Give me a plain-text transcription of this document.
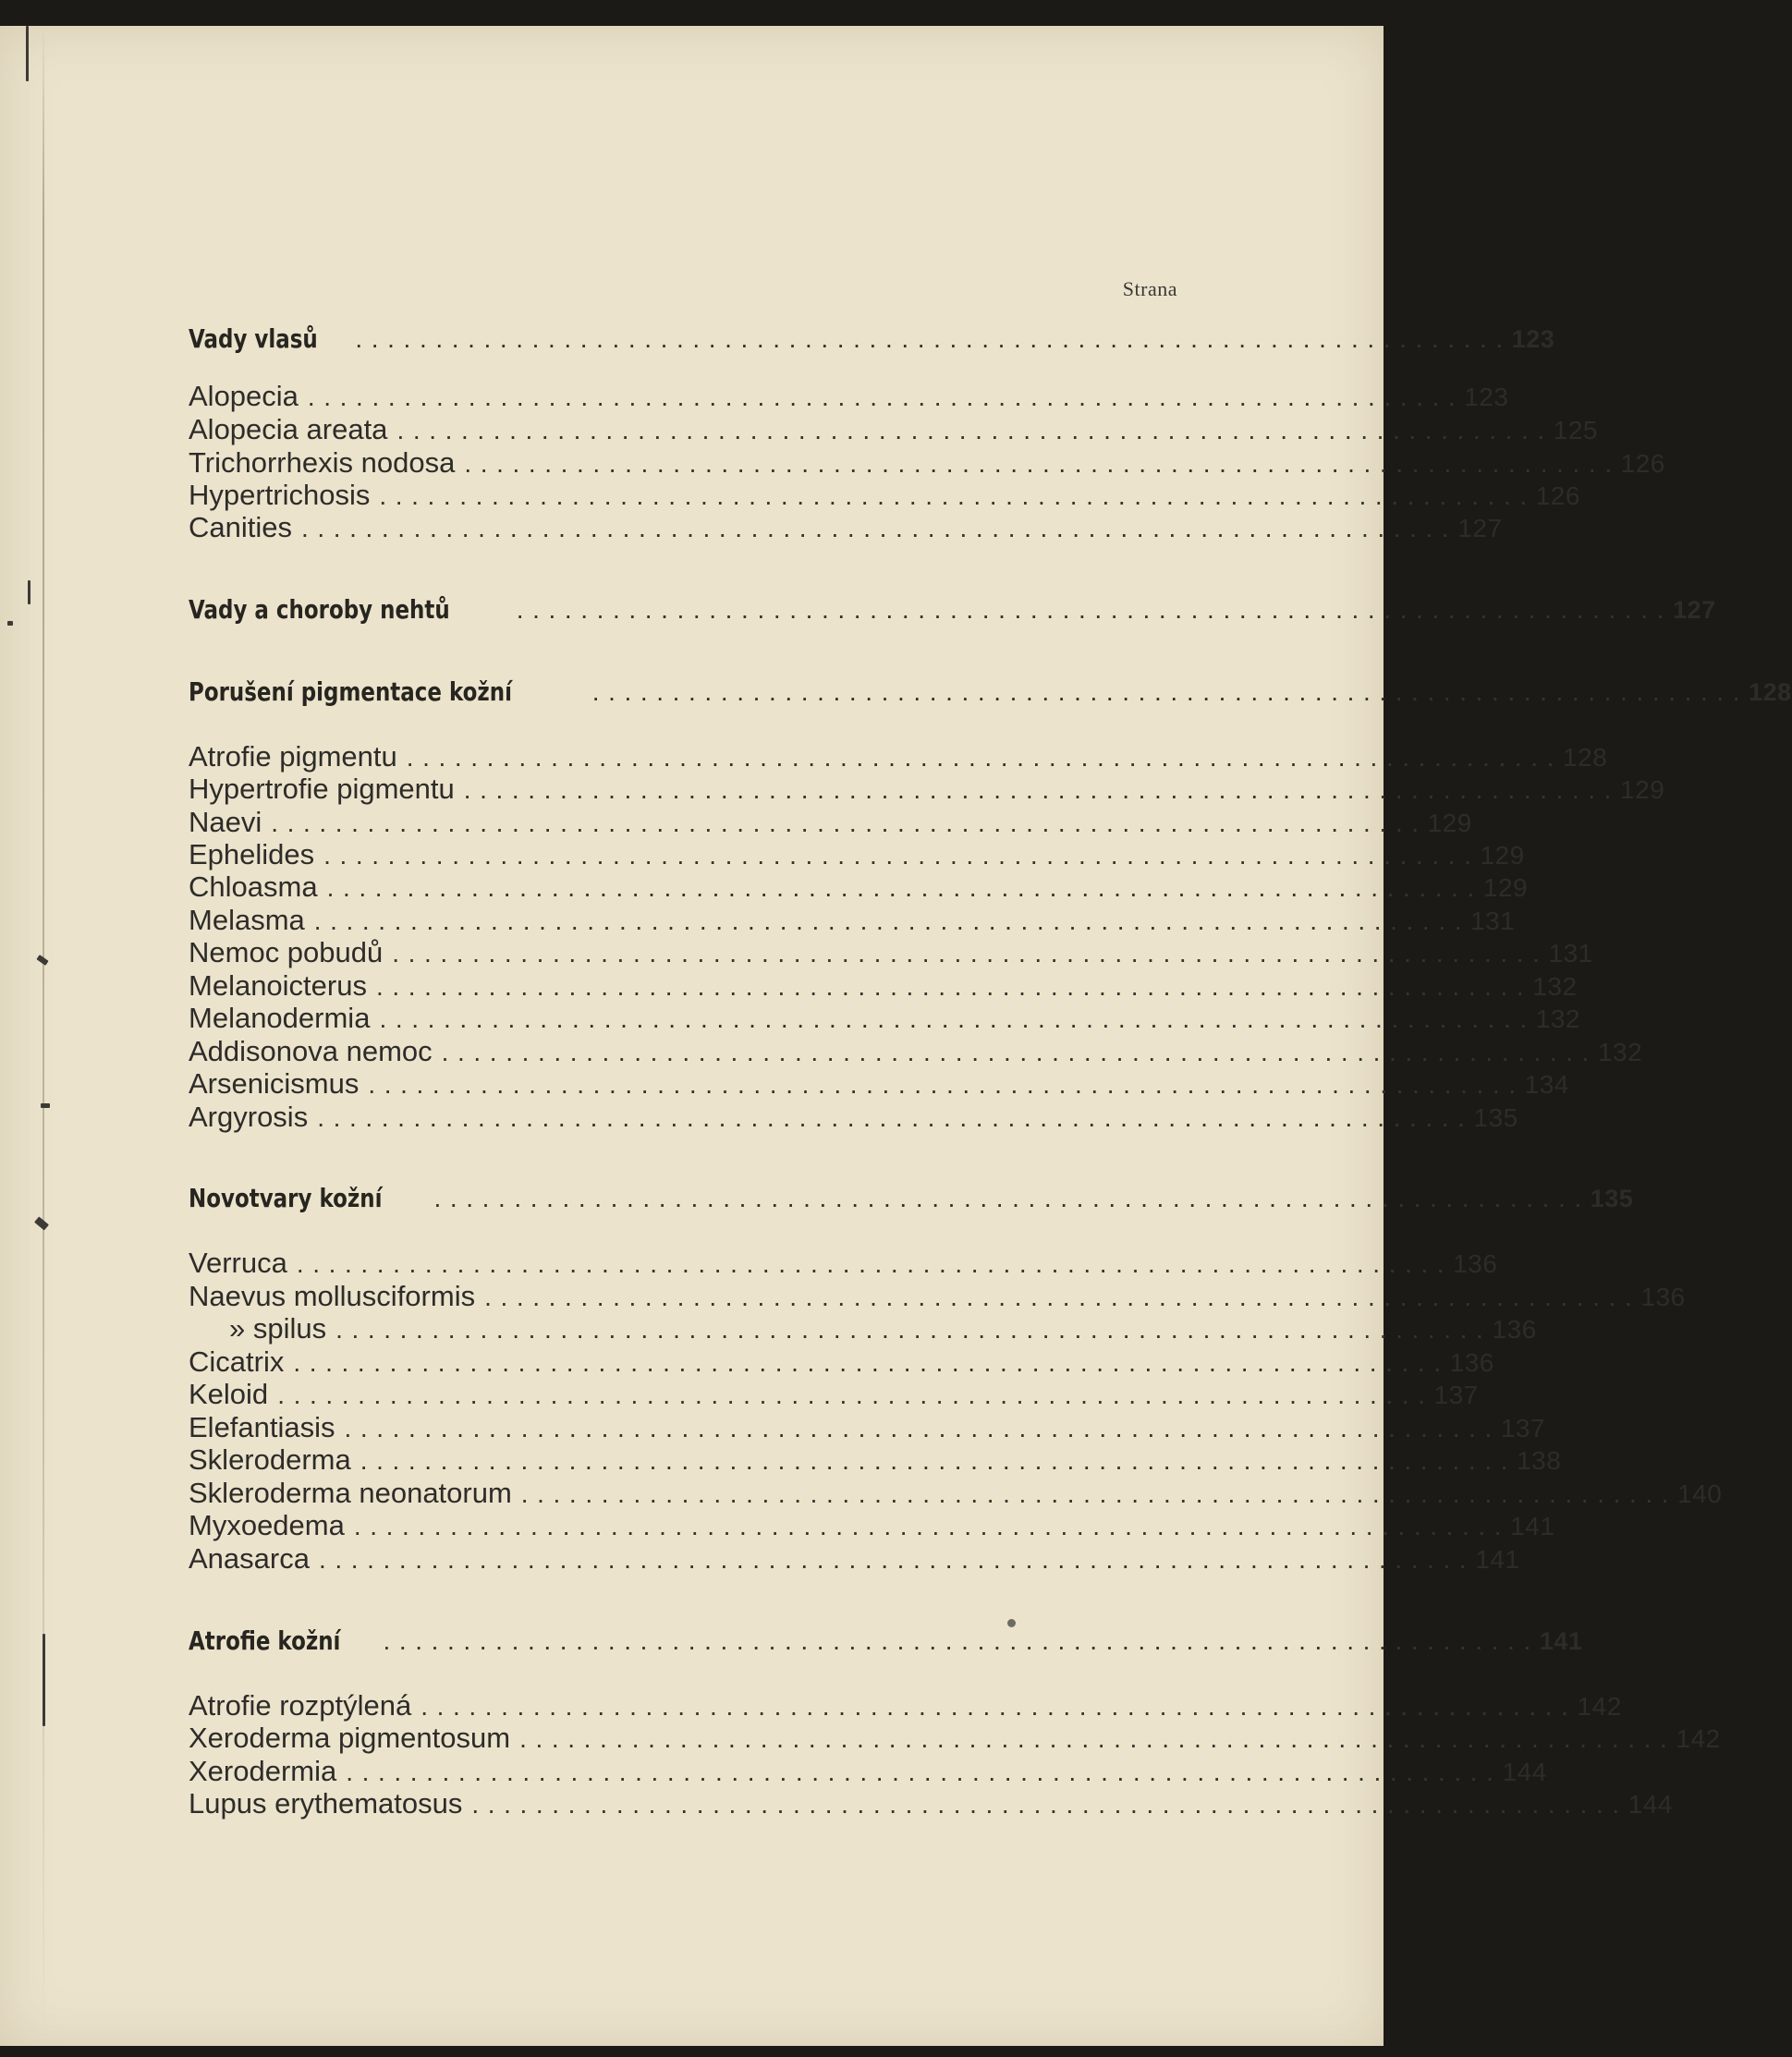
Strana
Vady vlasů	........................................................................ 123
Alopecia ........................................................................ 123
Alopecia areata ........................................................................ 125
Trichorrhexis nodosa ........................................................................ 126
Hypertrichosis ........................................................................ 126
Canities ........................................................................ 127
Vady a choroby nehtů	........................................................................ 127
Porušení pigmentace kožní	........................................................................ 128
Atrofie pigmentu ........................................................................ 128
Hypertrofie pigmentu ........................................................................ 129
Naevi ........................................................................ 129
Ephelides ........................................................................ 129
Chloasma ........................................................................ 129
Melasma ........................................................................ 131
Nemoc pobudů ........................................................................ 131
Melanoicterus ........................................................................ 132
Melanodermia ........................................................................ 132
Addisonova nemoc ........................................................................ 132
Arsenicismus ........................................................................ 134
Argyrosis ........................................................................ 135
Novotvary kožní	........................................................................ 135
Verruca ........................................................................ 136
Naevus mollusciformis ........................................................................ 136
» spilus ........................................................................ 136
Cicatrix ........................................................................ 136
Keloid ........................................................................ 137
Elefantiasis ........................................................................ 137
Skleroderma ........................................................................ 138
Skleroderma neonatorum ........................................................................ 140
Myxoedema ........................................................................ 141
Anasarca ........................................................................ 141
Atrofie kožní	........................................................................ 141
Atrofie rozptýlená ........................................................................ 142
Xeroderma pigmentosum ........................................................................ 142
Xerodermia ........................................................................ 144
Lupus erythematosus ........................................................................ 144
